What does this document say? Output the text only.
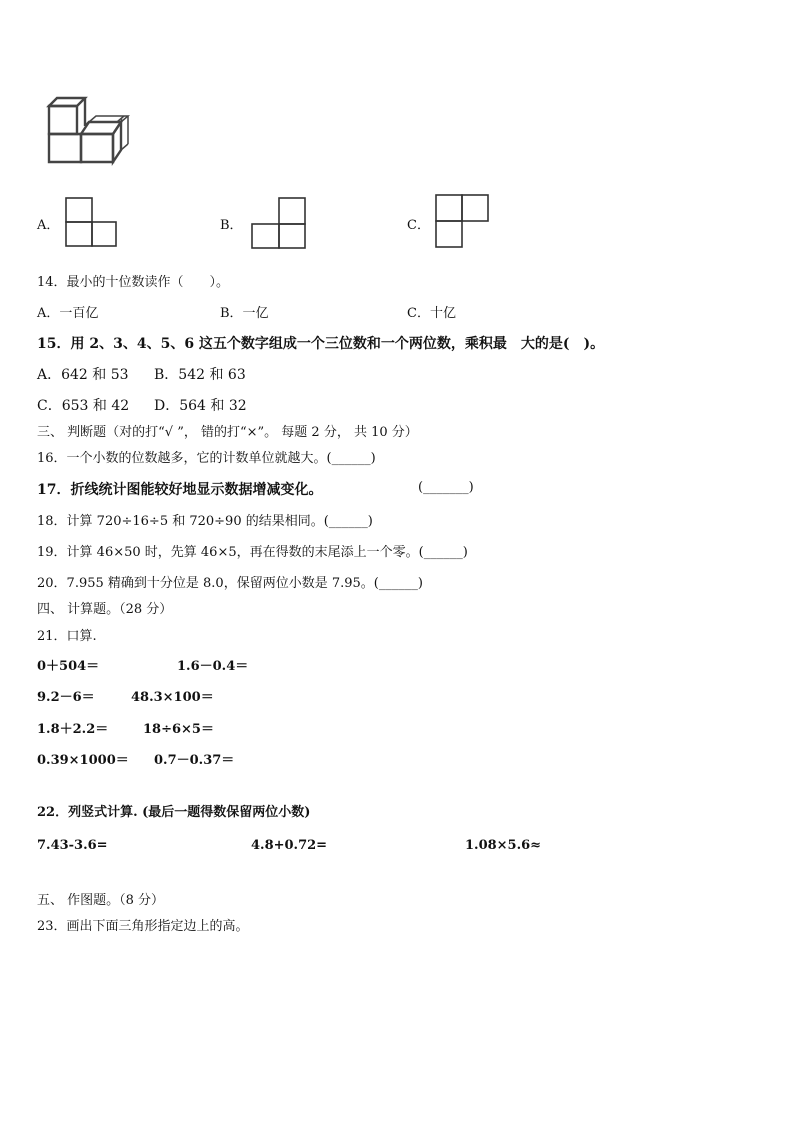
A．	B．	C．
14．最小的十位数读作（　　）。
A．一百亿	B．一亿	C．十亿
15．用 2、3、4、5、6 这五个数字组成一个三位数和一个两位数，乘积最　大的是(　)。
A．642 和 53 B．542 和 63
C．653 和 42 D．564 和 32
三、 判断题（对的打“√ ”， 错的打“×”。 每题 2 分， 共 10 分）
16．一个小数的位数越多，它的计数单位就越大。(______)
17．折线统计图能较好地显示数据增减变化。	(_______)
18．计算 720÷16÷5 和 720÷90 的结果相同。(______)
19．计算 46×50 时，先算 46×5，再在得数的末尾添上一个零。(______)
20．7.955 精确到十分位是 8.0，保留两位小数是 7.95。(______)
四、 计算题。（28 分）
21．口算.
0＋504＝	1.6－0.4＝
9.2－6＝	48.3×100＝
1.8＋2.2＝	18÷6×5＝
0.39×1000＝ 0.7－0.37＝
22．列竖式计算. (最后一题得数保留两位小数)
7.43-3.6=	4.8+0.72=	1.08×5.6≈
五、 作图题。（8 分）
23．画出下面三角形指定边上的高。
